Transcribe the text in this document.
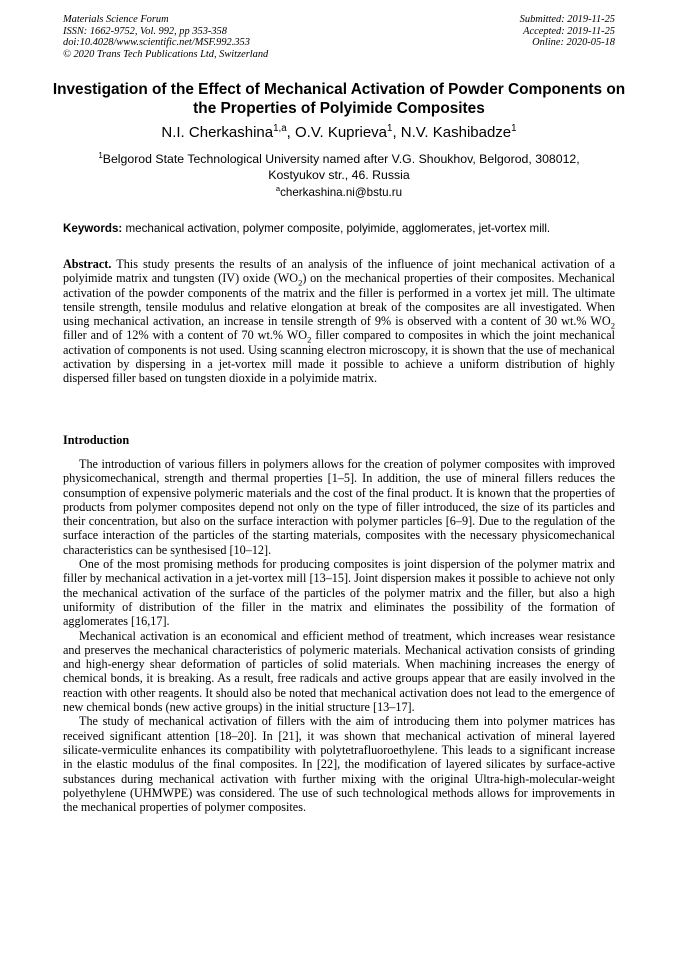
Materials Science Forum
ISSN: 1662-9752, Vol. 992, pp 353-358
doi:10.4028/www.scientific.net/MSF.992.353
© 2020 Trans Tech Publications Ltd, Switzerland
Submitted: 2019-11-25
Accepted: 2019-11-25
Online: 2020-05-18
Investigation of the Effect of Mechanical Activation of Powder Components on the Properties of Polyimide Composites
N.I. Cherkashina$^{1,a}$, O.V. Kuprieva$^1$, N.V. Kashibadze$^1$
$^1$Belgorod State Technological University named after V.G. Shoukhov, Belgorod, 308012,
Kostyukov str., 46. Russia
$^a$cherkashina.ni@bstu.ru
Keywords: mechanical activation, polymer composite, polyimide, agglomerates, jet-vortex mill.
Abstract. This study presents the results of an analysis of the influence of joint mechanical activation of a polyimide matrix and tungsten (IV) oxide $(WO_2)$ on the mechanical properties of their composites. Mechanical activation of the powder components of the matrix and the filler is performed in a vortex jet mill. The ultimate tensile strength, tensile modulus and relative elongation at break of the composites are all investigated. When using mechanical activation, an increase in tensile strength of 9% is observed with a content of 30 wt.% $WO_2$ filler and of 12% with a content of 70 wt.% $WO_2$ filler compared to composites in which the joint mechanical activation of components is not used. Using scanning electron microscopy, it is shown that the use of mechanical activation by dispersing in a jet-vortex mill made it possible to achieve a uniform distribution of highly dispersed filler based on tungsten dioxide in a polyimide matrix.
Introduction

The introduction of various fillers in polymers allows for the creation of polymer composites with improved physicomechanical, strength and thermal properties [1–5]. In addition, the use of mineral fillers reduces the consumption of expensive polymeric materials and the cost of the final product. It is known that the properties of products from polymer composites depend not only on the type of filler introduced, the size of its particles and their concentration, but also on the surface interaction with polymer particles [6–9]. Due to the regulation of the surface interaction of the particles of the starting materials, composites with the necessary physicomechanical characteristics can be synthesised [10–12].

One of the most promising methods for producing composites is joint dispersion of the polymer matrix and filler by mechanical activation in a jet-vortex mill [13–15]. Joint dispersion makes it possible to achieve not only the mechanical activation of the surface of the particles of the polymer matrix and the filler, but also a high uniformity of distribution of the filler in the matrix and eliminates the possibility of the formation of agglomerates [16,17].

Mechanical activation is an economical and efficient method of treatment, which increases wear resistance and preserves the mechanical characteristics of polymeric materials. Mechanical activation consists of grinding and high-energy shear deformation of particles of solid materials. When machining increases the energy of chemical bonds, it is breaking. As a result, free radicals and active groups appear that are easily involved in the reaction with other reagents. It should also be noted that mechanical activation does not lead to the emergence of new chemical bonds (new active groups) in the initial structure [13–17].

The study of mechanical activation of fillers with the aim of introducing them into polymer matrices has received significant attention [18–20]. In [21], it was shown that mechanical activation of mineral layered silicate-vermiculite enhances its compatibility with polytetrafluoroethylene. This leads to a significant increase in the elastic modulus of the final composites. In [22], the modification of layered silicates by surface-active substances during mechanical activation with further mixing with the original Ultra-high-molecular-weight polyethylene (UHMWPE) was considered. The use of such technological methods allows for improvements in the mechanical properties of polymer composites.
